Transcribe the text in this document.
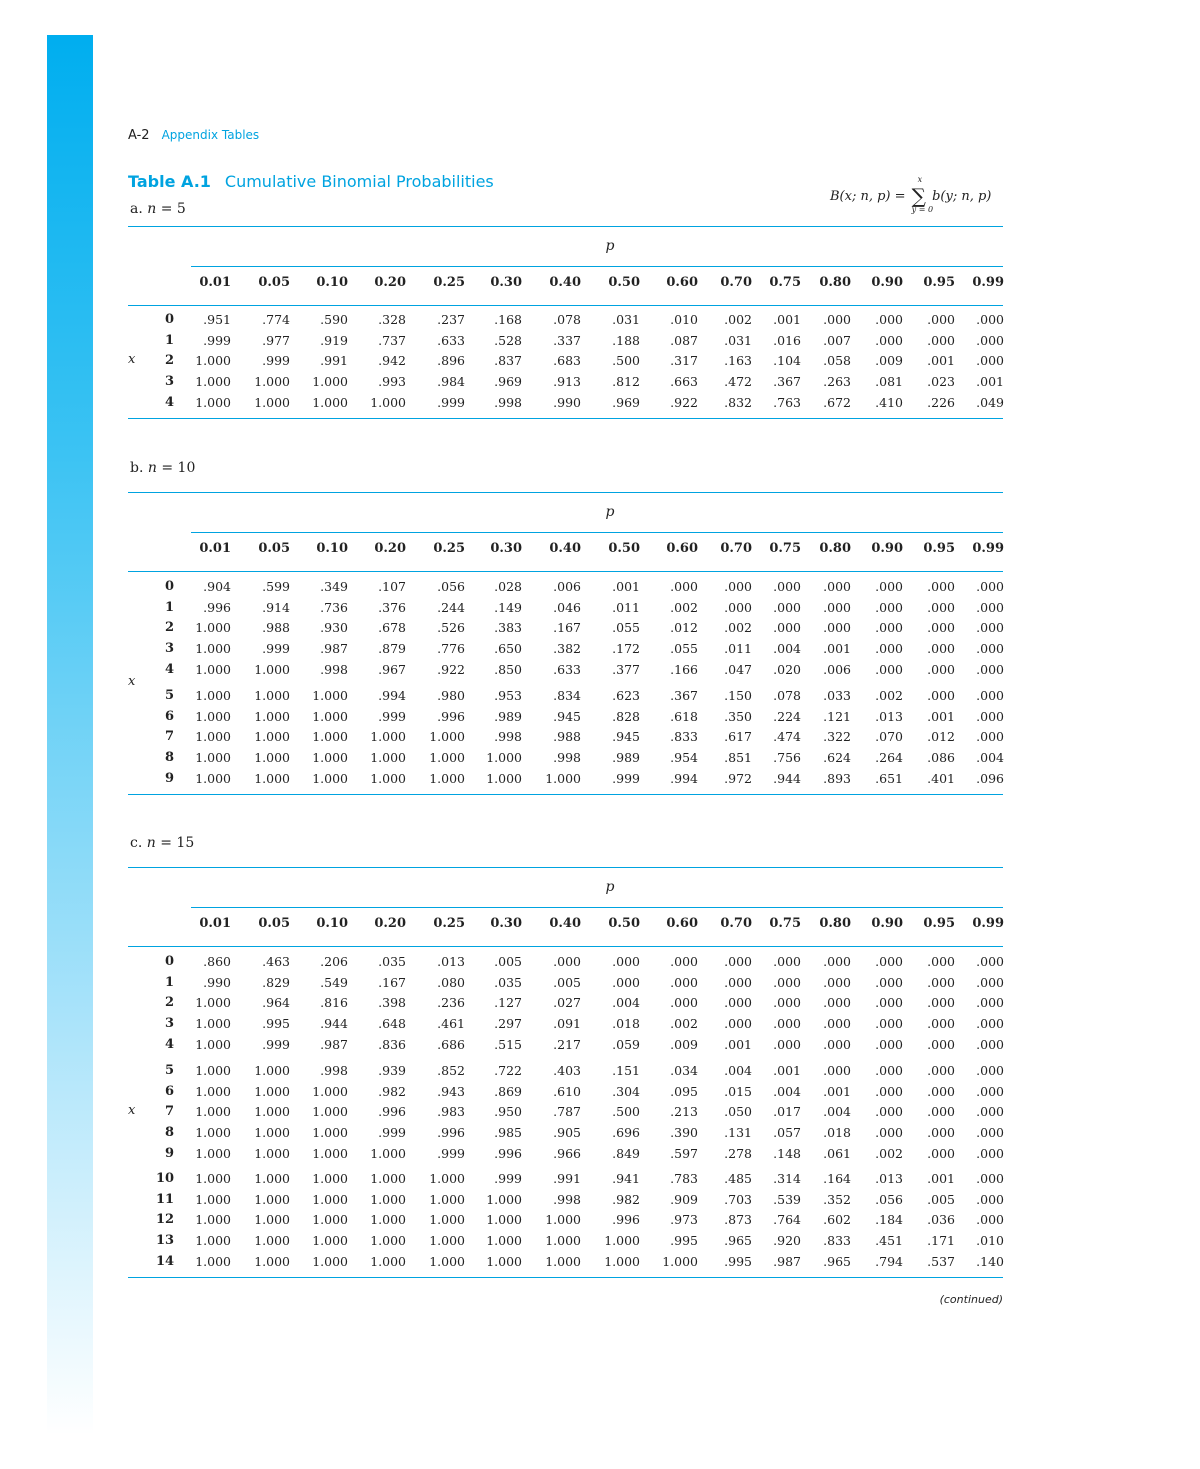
A-2 Appendix Tables
Table A.1 Cumulative Binomial Probabilities
B(x; n, p) = ∑
x
y = 0
b(y; n, p)
a. n = 5
p
0.01	0.05	0.10	0.20	0.25	0.30	0.40	0.50	0.60	0.70	0.75	0.80	0.90	0.95	0.99
0	.951	.774	.590	.328	.237	.168	.078	.031	.010	.002	.001	.000	.000	.000	.000
1	.999	.977	.919	.737	.633	.528	.337	.188	.087	.031	.016	.007	.000	.000	.000
2	1.000	.999	.991	.942	.896	.837	.683	.500	.317	.163	.104	.058	.009	.001	.000
3	1.000	1.000	1.000	.993	.984	.969	.913	.812	.663	.472	.367	.263	.081	.023	.001
4	1.000	1.000	1.000	1.000	.999	.998	.990	.969	.922	.832	.763	.672	.410	.226	.049
x
b. n = 10
p
0.01	0.05	0.10	0.20	0.25	0.30	0.40	0.50	0.60	0.70	0.75	0.80	0.90	0.95	0.99
0	.904	.599	.349	.107	.056	.028	.006	.001	.000	.000	.000	.000	.000	.000	.000
1	.996	.914	.736	.376	.244	.149	.046	.011	.002	.000	.000	.000	.000	.000	.000
2	1.000	.988	.930	.678	.526	.383	.167	.055	.012	.002	.000	.000	.000	.000	.000
3	1.000	.999	.987	.879	.776	.650	.382	.172	.055	.011	.004	.001	.000	.000	.000
4	1.000	1.000	.998	.967	.922	.850	.633	.377	.166	.047	.020	.006	.000	.000	.000
5	1.000	1.000	1.000	.994	.980	.953	.834	.623	.367	.150	.078	.033	.002	.000	.000
6	1.000	1.000	1.000	.999	.996	.989	.945	.828	.618	.350	.224	.121	.013	.001	.000
7	1.000	1.000	1.000	1.000	1.000	.998	.988	.945	.833	.617	.474	.322	.070	.012	.000
8	1.000	1.000	1.000	1.000	1.000	1.000	.998	.989	.954	.851	.756	.624	.264	.086	.004
9	1.000	1.000	1.000	1.000	1.000	1.000	1.000	.999	.994	.972	.944	.893	.651	.401	.096
x
c. n = 15
p
0.01	0.05	0.10	0.20	0.25	0.30	0.40	0.50	0.60	0.70	0.75	0.80	0.90	0.95	0.99
0	.860	.463	.206	.035	.013	.005	.000	.000	.000	.000	.000	.000	.000	.000	.000
1	.990	.829	.549	.167	.080	.035	.005	.000	.000	.000	.000	.000	.000	.000	.000
2	1.000	.964	.816	.398	.236	.127	.027	.004	.000	.000	.000	.000	.000	.000	.000
3	1.000	.995	.944	.648	.461	.297	.091	.018	.002	.000	.000	.000	.000	.000	.000
4	1.000	.999	.987	.836	.686	.515	.217	.059	.009	.001	.000	.000	.000	.000	.000
5	1.000	1.000	.998	.939	.852	.722	.403	.151	.034	.004	.001	.000	.000	.000	.000
6	1.000	1.000	1.000	.982	.943	.869	.610	.304	.095	.015	.004	.001	.000	.000	.000
7	1.000	1.000	1.000	.996	.983	.950	.787	.500	.213	.050	.017	.004	.000	.000	.000
8	1.000	1.000	1.000	.999	.996	.985	.905	.696	.390	.131	.057	.018	.000	.000	.000
9	1.000	1.000	1.000	1.000	.999	.996	.966	.849	.597	.278	.148	.061	.002	.000	.000
10	1.000	1.000	1.000	1.000	1.000	.999	.991	.941	.783	.485	.314	.164	.013	.001	.000
11	1.000	1.000	1.000	1.000	1.000	1.000	.998	.982	.909	.703	.539	.352	.056	.005	.000
12	1.000	1.000	1.000	1.000	1.000	1.000	1.000	.996	.973	.873	.764	.602	.184	.036	.000
13	1.000	1.000	1.000	1.000	1.000	1.000	1.000	1.000	.995	.965	.920	.833	.451	.171	.010
14	1.000	1.000	1.000	1.000	1.000	1.000	1.000	1.000	1.000	.995	.987	.965	.794	.537	.140
x
(continued)
